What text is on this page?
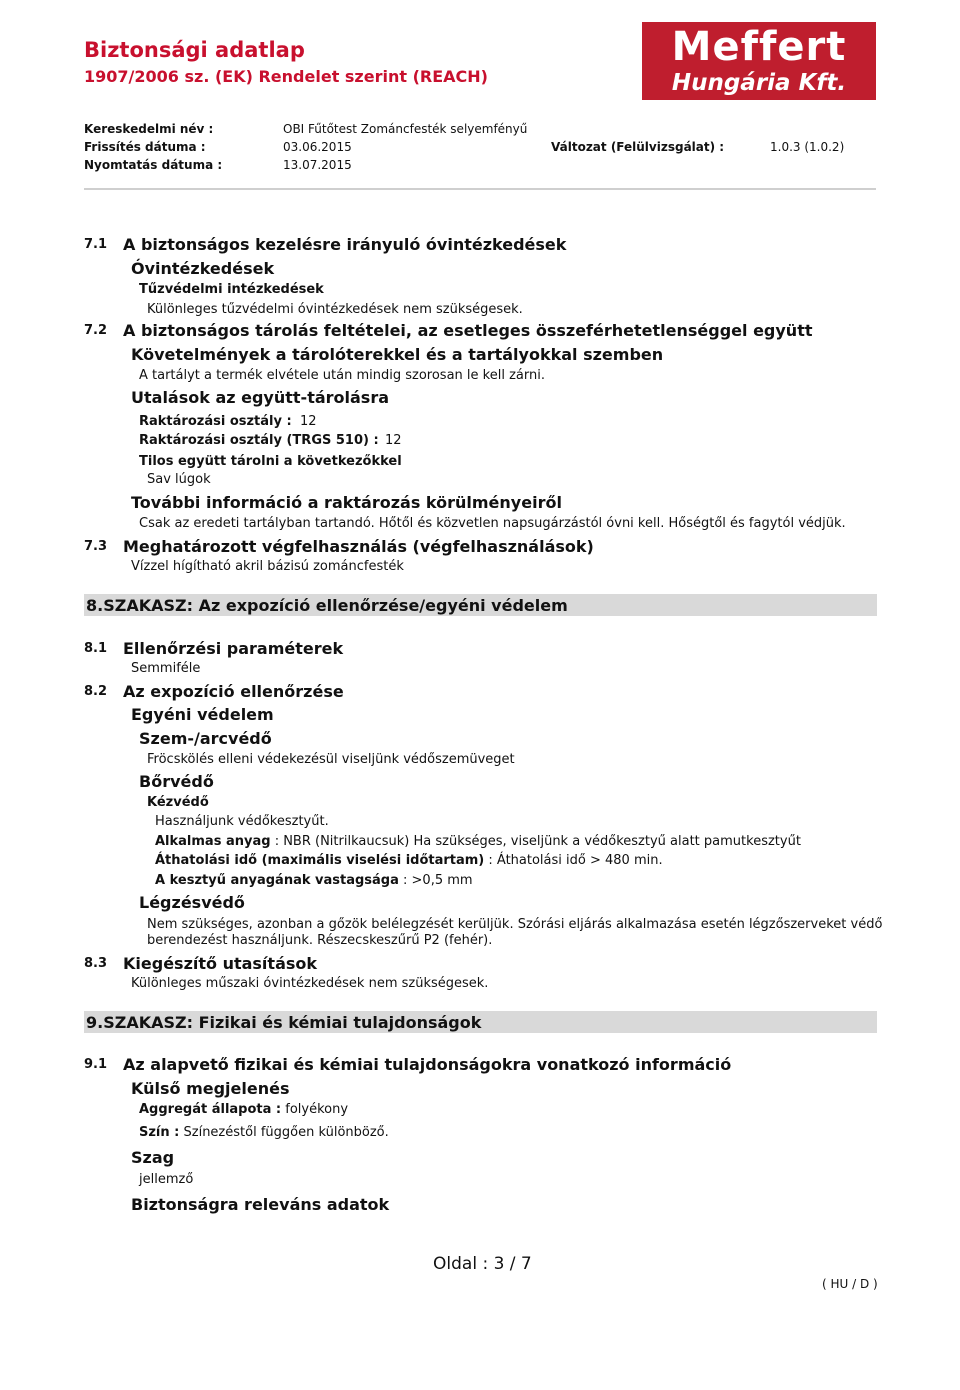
Biztonsági adatlap
1907/2006 sz. (EK) Rendelet szerint (REACH)
Meffert
Hungária Kft.
Kereskedelmi név :	OBI Fűtőtest Zománcfesték selyemfényű
Frissítés dátuma :	03.06.2015	Változat (Felülvizsgálat) :	1.0.3 (1.0.2)
Nyomtatás dátuma :	13.07.2015
7.1 A biztonságos kezelésre irányuló óvintézkedések
Óvintézkedések
Tűzvédelmi intézkedések
Különleges tűzvédelmi óvintézkedések nem szükségesek.
7.2 A biztonságos tárolás feltételei, az esetleges összeférhetetlenséggel együtt
Követelmények a tárolóterekkel és a tartályokkal szemben
A tartályt a termék elvétele után mindig szorosan le kell zárni.
Utalások az együtt-tárolásra
Raktározási osztály : 12
Raktározási osztály (TRGS 510) : 12
Tilos együtt tárolni a következőkkel
Sav lúgok
További információ a raktározás körülményeiről
Csak az eredeti tartályban tartandó. Hőtől és közvetlen napsugárzástól óvni kell. Hőségtől és fagytól védjük.
7.3 Meghatározott végfelhasználás (végfelhasználások)
Vízzel hígítható akril bázisú zománcfesték
8.SZAKASZ: Az expozíció ellenőrzése/egyéni védelem
8.1 Ellenőrzési paraméterek
Semmiféle
8.2 Az expozíció ellenőrzése
Egyéni védelem
Szem-/arcvédő
Fröcskölés elleni védekezésül viseljünk védőszemüveget
Bőrvédő
Kézvédő
Használjunk védőkesztyűt.
Alkalmas anyag : NBR (Nitrilkaucsuk) Ha szükséges, viseljünk a védőkesztyű alatt pamutkesztyűt
Áthatolási idő (maximális viselési időtartam) : Áthatolási idő > 480 min.
A kesztyű anyagának vastagsága : >0,5 mm
Légzésvédő
Nem szükséges, azonban a gőzök belélegzését kerüljük. Szórási eljárás alkalmazása esetén légzőszerveket védő
berendezést használjunk. Részecskeszűrű P2 (fehér).
8.3 Kiegészítő utasítások
Különleges műszaki óvintézkedések nem szükségesek.
9.SZAKASZ: Fizikai és kémiai tulajdonságok
9.1 Az alapvető fizikai és kémiai tulajdonságokra vonatkozó információ
Külső megjelenés
Aggregát állapota : folyékony
Szín : Színezéstől függően különböző.
Szag
jellemző
Biztonságra releváns adatok
Oldal : 3 / 7
( HU / D )
